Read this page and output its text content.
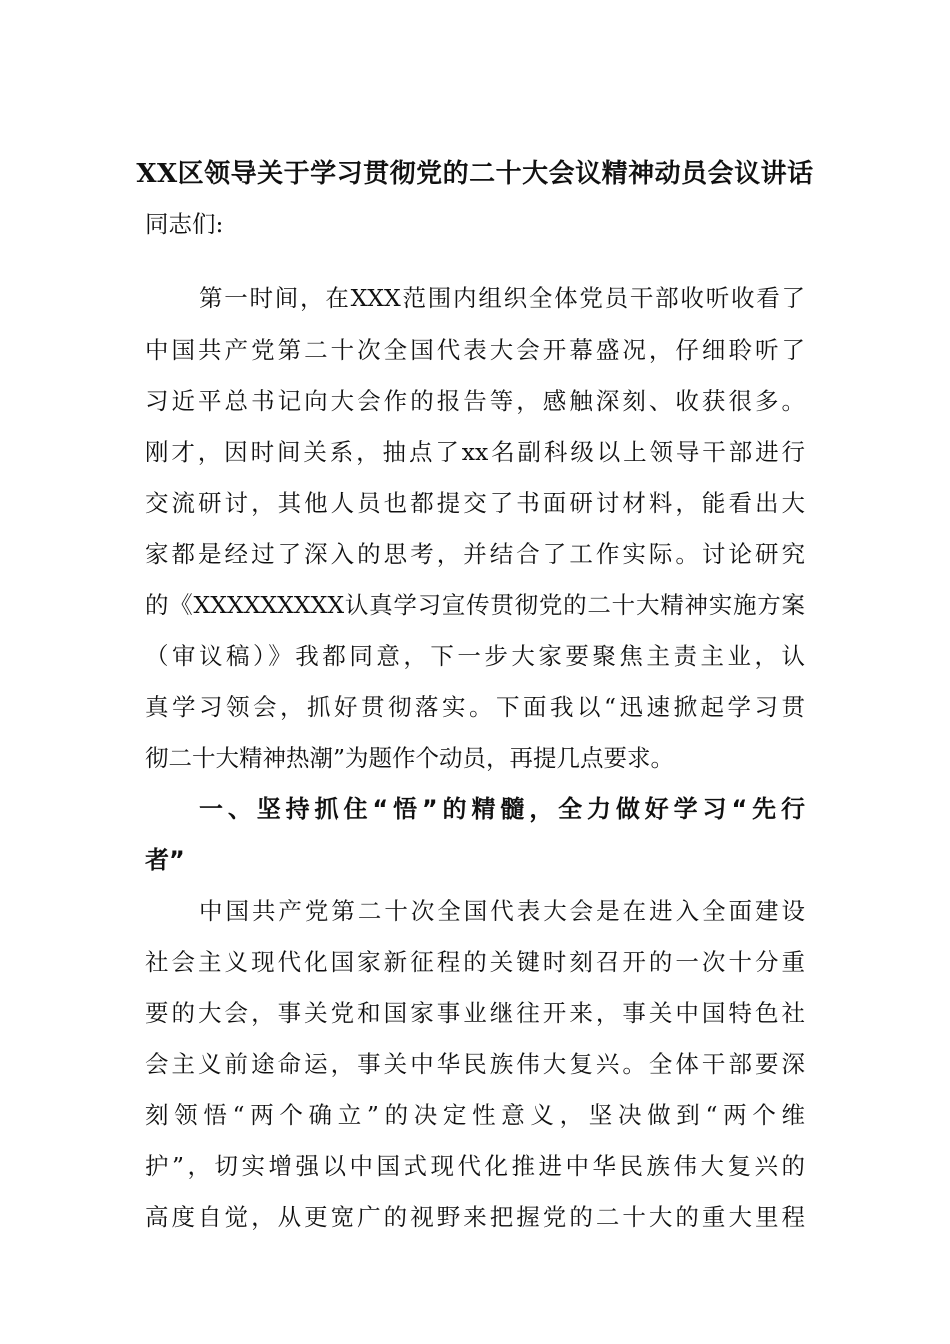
XX区领导关于学习贯彻党的二十大会议精神动员会议讲话

同志们:

第一时间，在XXX范围内组织全体党员干部收听收看了

中国共产党第二十次全国代表大会开幕盛况，仔细聆听了

习近平总书记向大会作的报告等，感触深刻、收获很多。

刚才，因时间关系，抽点了xx名副科级以上领导干部进行

交流研讨，其他人员也都提交了书面研讨材料，能看出大

家都是经过了深入的思考，并结合了工作实际。讨论研究

的《XXXXXXXXX认真学习宣传贯彻党的二十大精神实施方案

（审议稿）》我都同意，下一步大家要聚焦主责主业，认

真学习领会，抓好贯彻落实。下面我以“迅速掀起学习贯

彻二十大精神热潮”为题作个动员，再提几点要求。

一、坚持抓住“悟”的精髓，全力做好学习“先行

者”

中国共产党第二十次全国代表大会是在进入全面建设

社会主义现代化国家新征程的关键时刻召开的一次十分重

要的大会，事关党和国家事业继往开来，事关中国特色社

会主义前途命运，事关中华民族伟大复兴。全体干部要深

刻领悟“两个确立”的决定性意义，坚决做到“两个维

护”，切实增强以中国式现代化推进中华民族伟大复兴的

高度自觉，从更宽广的视野来把握党的二十大的重大里程
